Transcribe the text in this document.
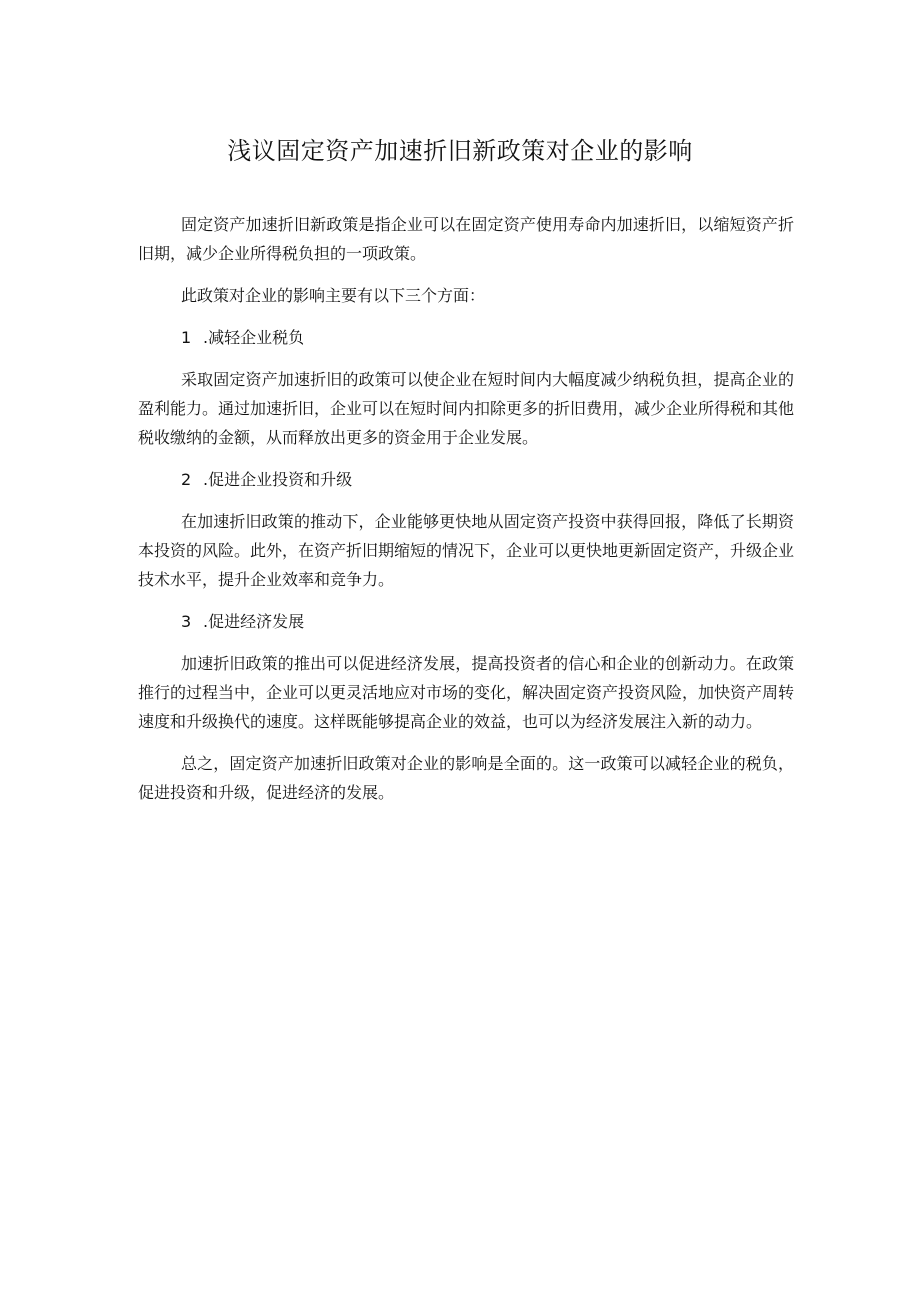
浅议固定资产加速折旧新政策对企业的影响

固定资产加速折旧新政策是指企业可以在固定资产使用寿命内加速折旧，以缩短资产折旧期，减少企业所得税负担的一项政策。

此政策对企业的影响主要有以下三个方面：

1 .减轻企业税负

采取固定资产加速折旧的政策可以使企业在短时间内大幅度减少纳税负担，提高企业的盈利能力。通过加速折旧，企业可以在短时间内扣除更多的折旧费用，减少企业所得税和其他税收缴纳的金额，从而释放出更多的资金用于企业发展。

2 .促进企业投资和升级

在加速折旧政策的推动下，企业能够更快地从固定资产投资中获得回报，降低了长期资本投资的风险。此外，在资产折旧期缩短的情况下，企业可以更快地更新固定资产，升级企业技术水平，提升企业效率和竞争力。

3 .促进经济发展

加速折旧政策的推出可以促进经济发展，提高投资者的信心和企业的创新动力。在政策推行的过程当中，企业可以更灵活地应对市场的变化，解决固定资产投资风险，加快资产周转速度和升级换代的速度。这样既能够提高企业的效益，也可以为经济发展注入新的动力。

总之，固定资产加速折旧政策对企业的影响是全面的。这一政策可以减轻企业的税负，促进投资和升级，促进经济的发展。
